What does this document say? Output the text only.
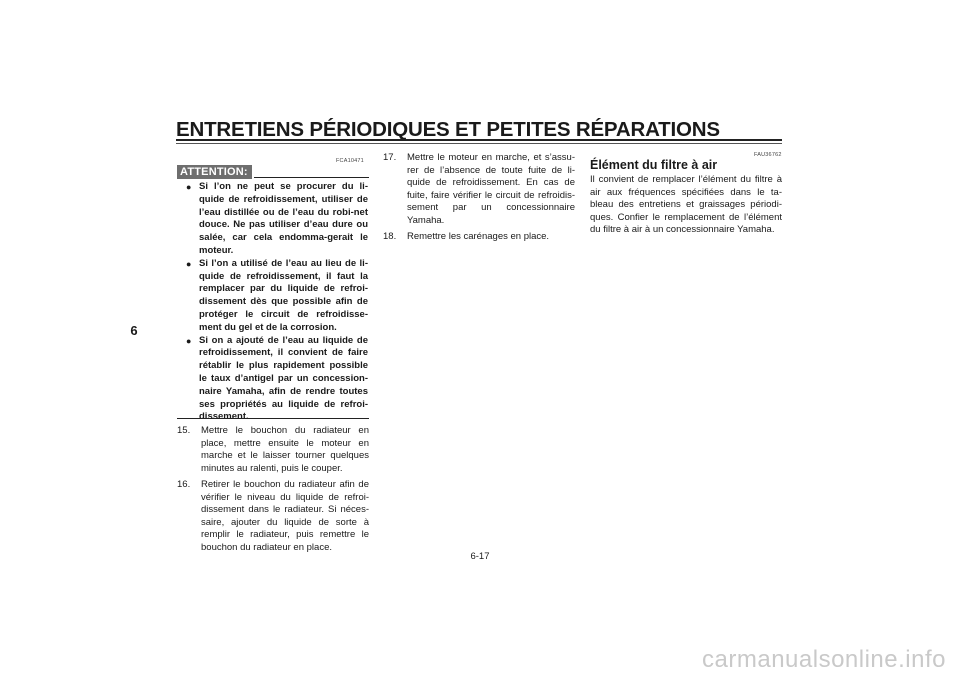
ENTRETIENS PÉRIODIQUES ET PETITES RÉPARATIONS
6
FCA10471
ATTENTION:
● Si l’on ne peut se procurer du li-quide de refroidissement, utiliser de l’eau distillée ou de l’eau du robi-net douce. Ne pas utiliser d’eau dure ou salée, car cela endomma-gerait le moteur.
● Si l’on a utilisé de l’eau au lieu de li-quide de refroidissement, il faut la remplacer par du liquide de refroi-dissement dès que possible afin de protéger le circuit de refroidisse-ment du gel et de la corrosion.
● Si on a ajouté de l’eau au liquide de refroidissement, il convient de faire rétablir le plus rapidement possible le taux d’antigel par un concession-naire Yamaha, afin de rendre toutes ses propriétés au liquide de refroi-dissement.
15. Mettre le bouchon du radiateur en place, mettre ensuite le moteur en marche et le laisser tourner quelques minutes au ralenti, puis le couper.
16. Retirer le bouchon du radiateur afin de vérifier le niveau du liquide de refroi-dissement dans le radiateur. Si néces-saire, ajouter du liquide de sorte à remplir le radiateur, puis remettre le bouchon du radiateur en place.
17. Mettre le moteur en marche, et s’assu-rer de l’absence de toute fuite de li-quide de refroidissement. En cas de fuite, faire vérifier le circuit de refroidis-sement par un concessionnaire Yamaha.
18. Remettre les carénages en place.
FAU36762
Élément du filtre à air

Il convient de remplacer l’élément du filtre à air aux fréquences spécifiées dans le ta-bleau des entretiens et graissages périodi-ques. Confier le remplacement de l’élément du filtre à air à un concessionnaire Yamaha.

6-17
carmanualsonline.info
